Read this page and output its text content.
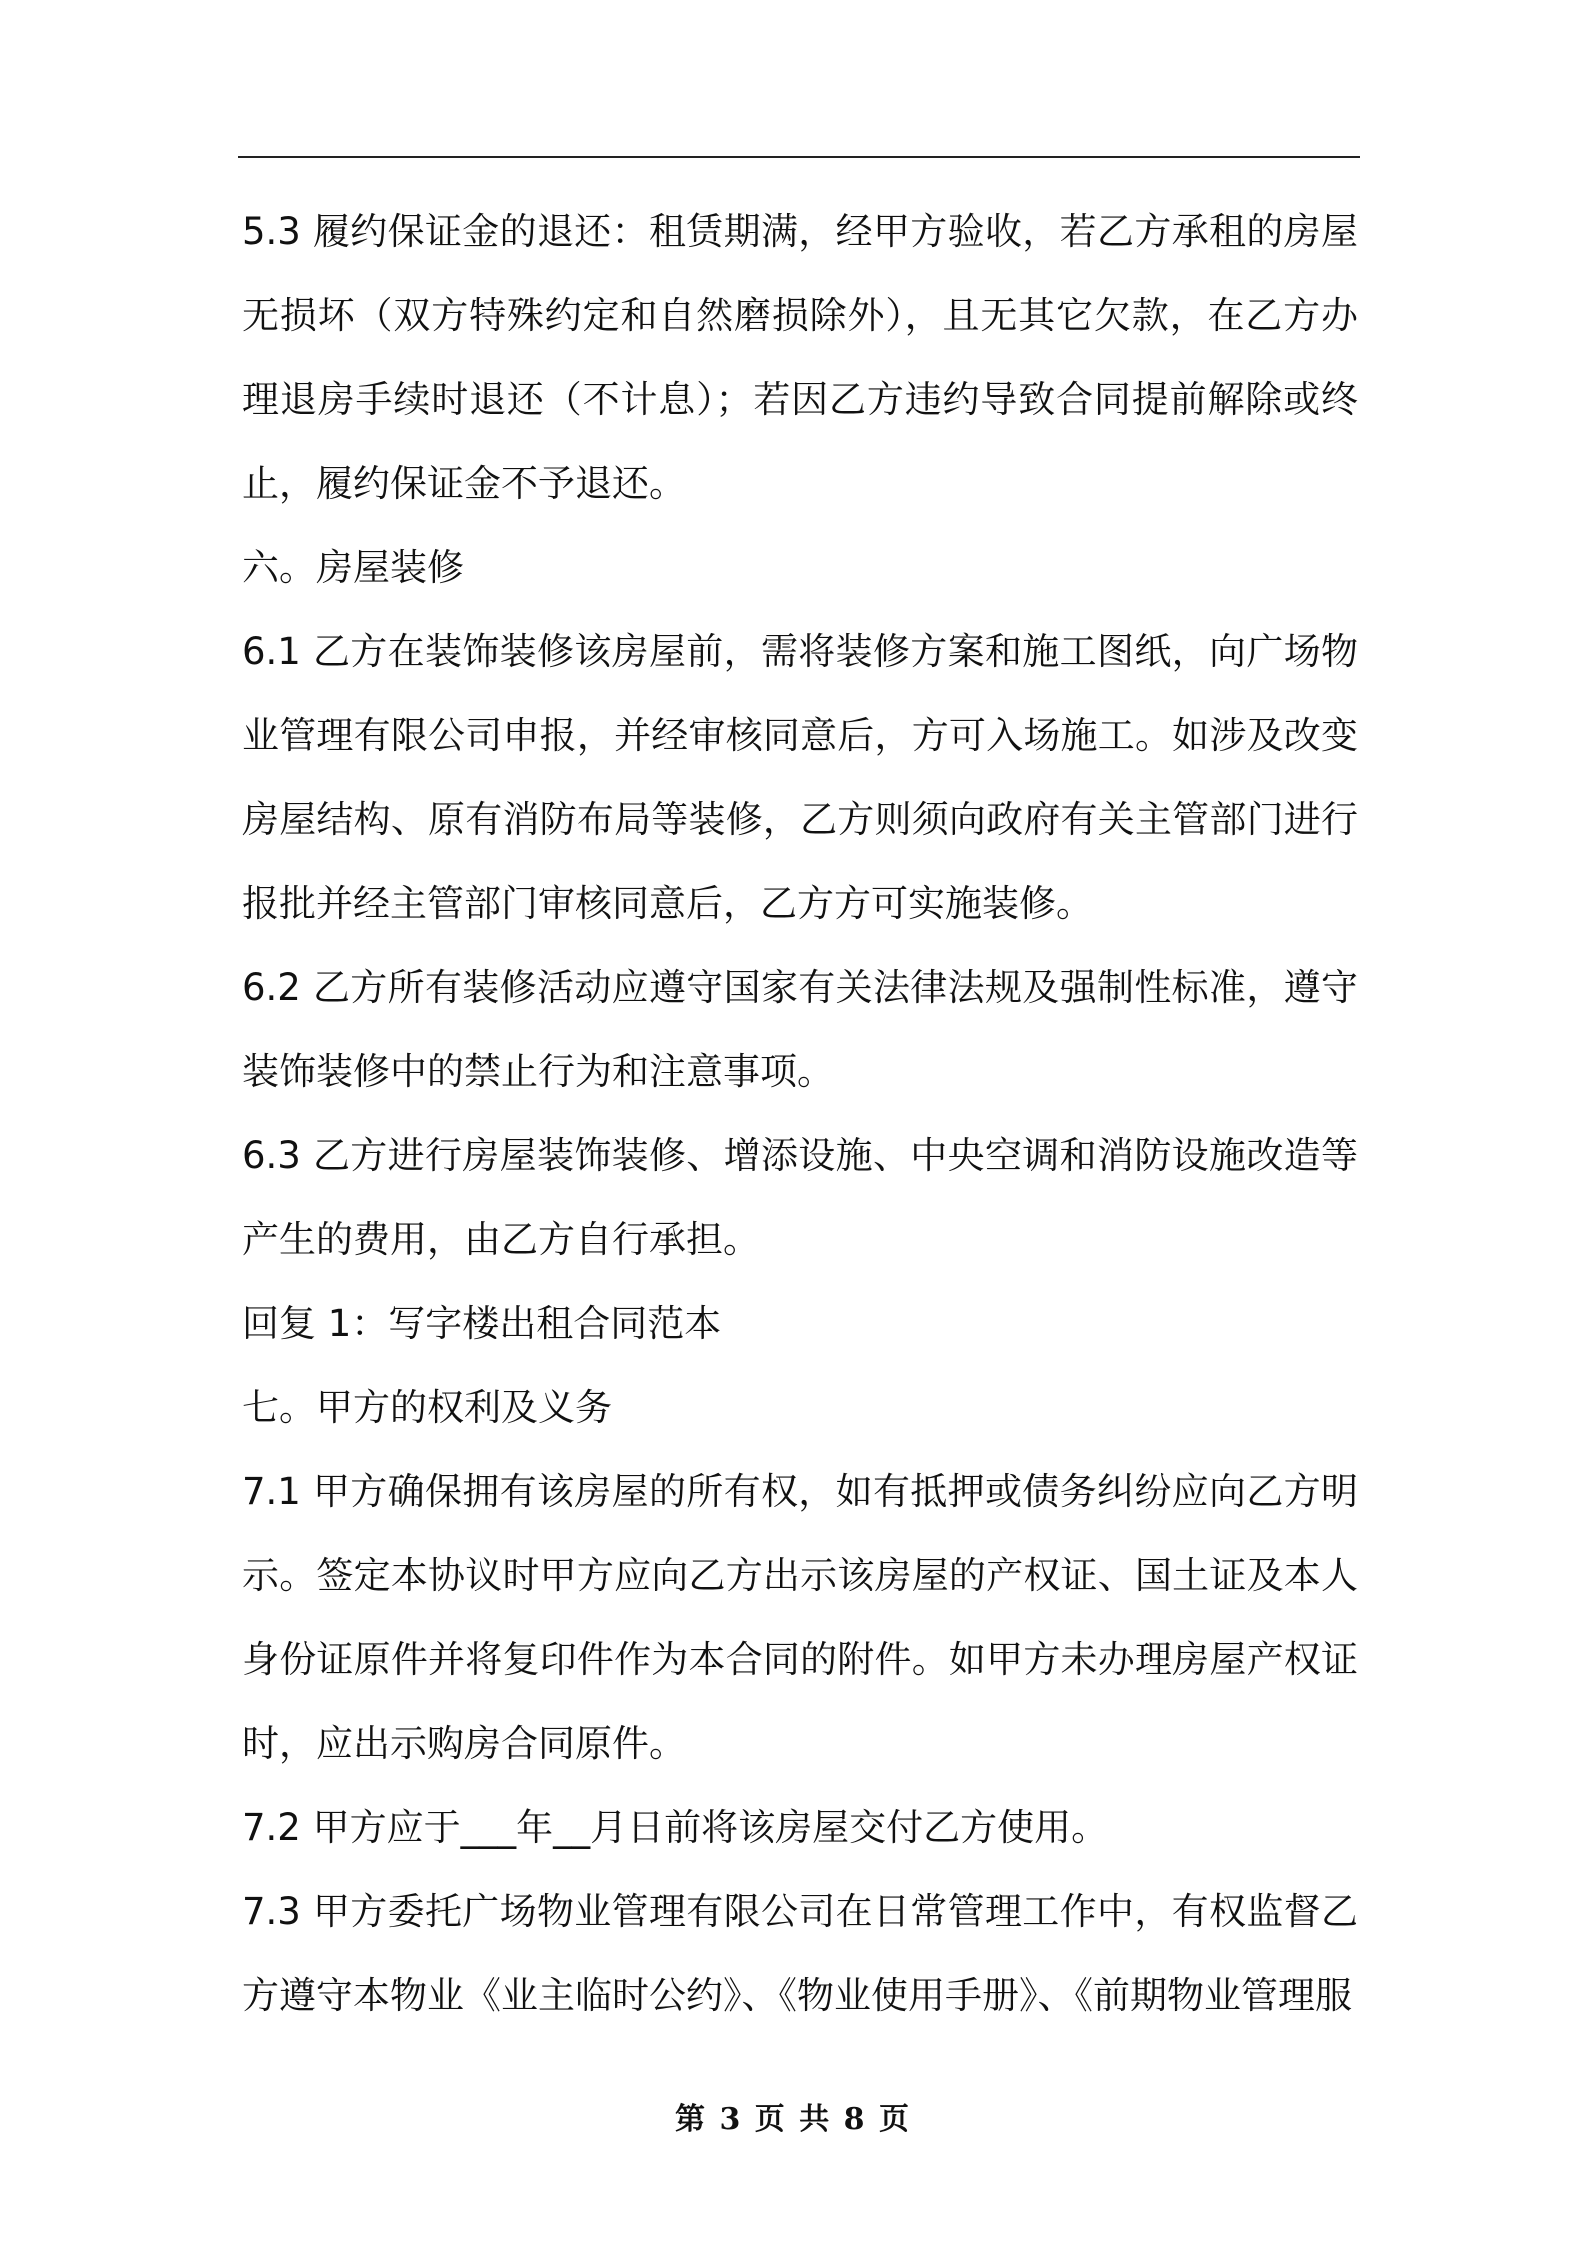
5.3 履约保证金的退还：租赁期满，经甲方验收，若乙方承租的房屋无损坏（双方特殊约定和自然磨损除外），且无其它欠款，在乙方办理退房手续时退还（不计息）；若因乙方违约导致合同提前解除或终止，履约保证金不予退还。

六。房屋装修

6.1 乙方在装饰装修该房屋前，需将装修方案和施工图纸，向广场物业管理有限公司申报，并经审核同意后，方可入场施工。如涉及改变房屋结构、原有消防布局等装修，乙方则须向政府有关主管部门进行报批并经主管部门审核同意后，乙方方可实施装修。

6.2 乙方所有装修活动应遵守国家有关法律法规及强制性标准，遵守装饰装修中的禁止行为和注意事项。

6.3 乙方进行房屋装饰装修、增添设施、中央空调和消防设施改造等产生的费用，由乙方自行承担。

回复 1：写字楼出租合同范本

七。甲方的权利及义务

7.1 甲方确保拥有该房屋的所有权，如有抵押或债务纠纷应向乙方明示。签定本协议时甲方应向乙方出示该房屋的产权证、国土证及本人身份证原件并将复印件作为本合同的附件。如甲方未办理房屋产权证时，应出示购房合同原件。

7.2 甲方应于___年__月日前将该房屋交付乙方使用。

7.3 甲方委托广场物业管理有限公司在日常管理工作中，有权监督乙方遵守本物业《业主临时公约》、《物业使用手册》、《前期物业管理服

第 3 页 共 8 页
